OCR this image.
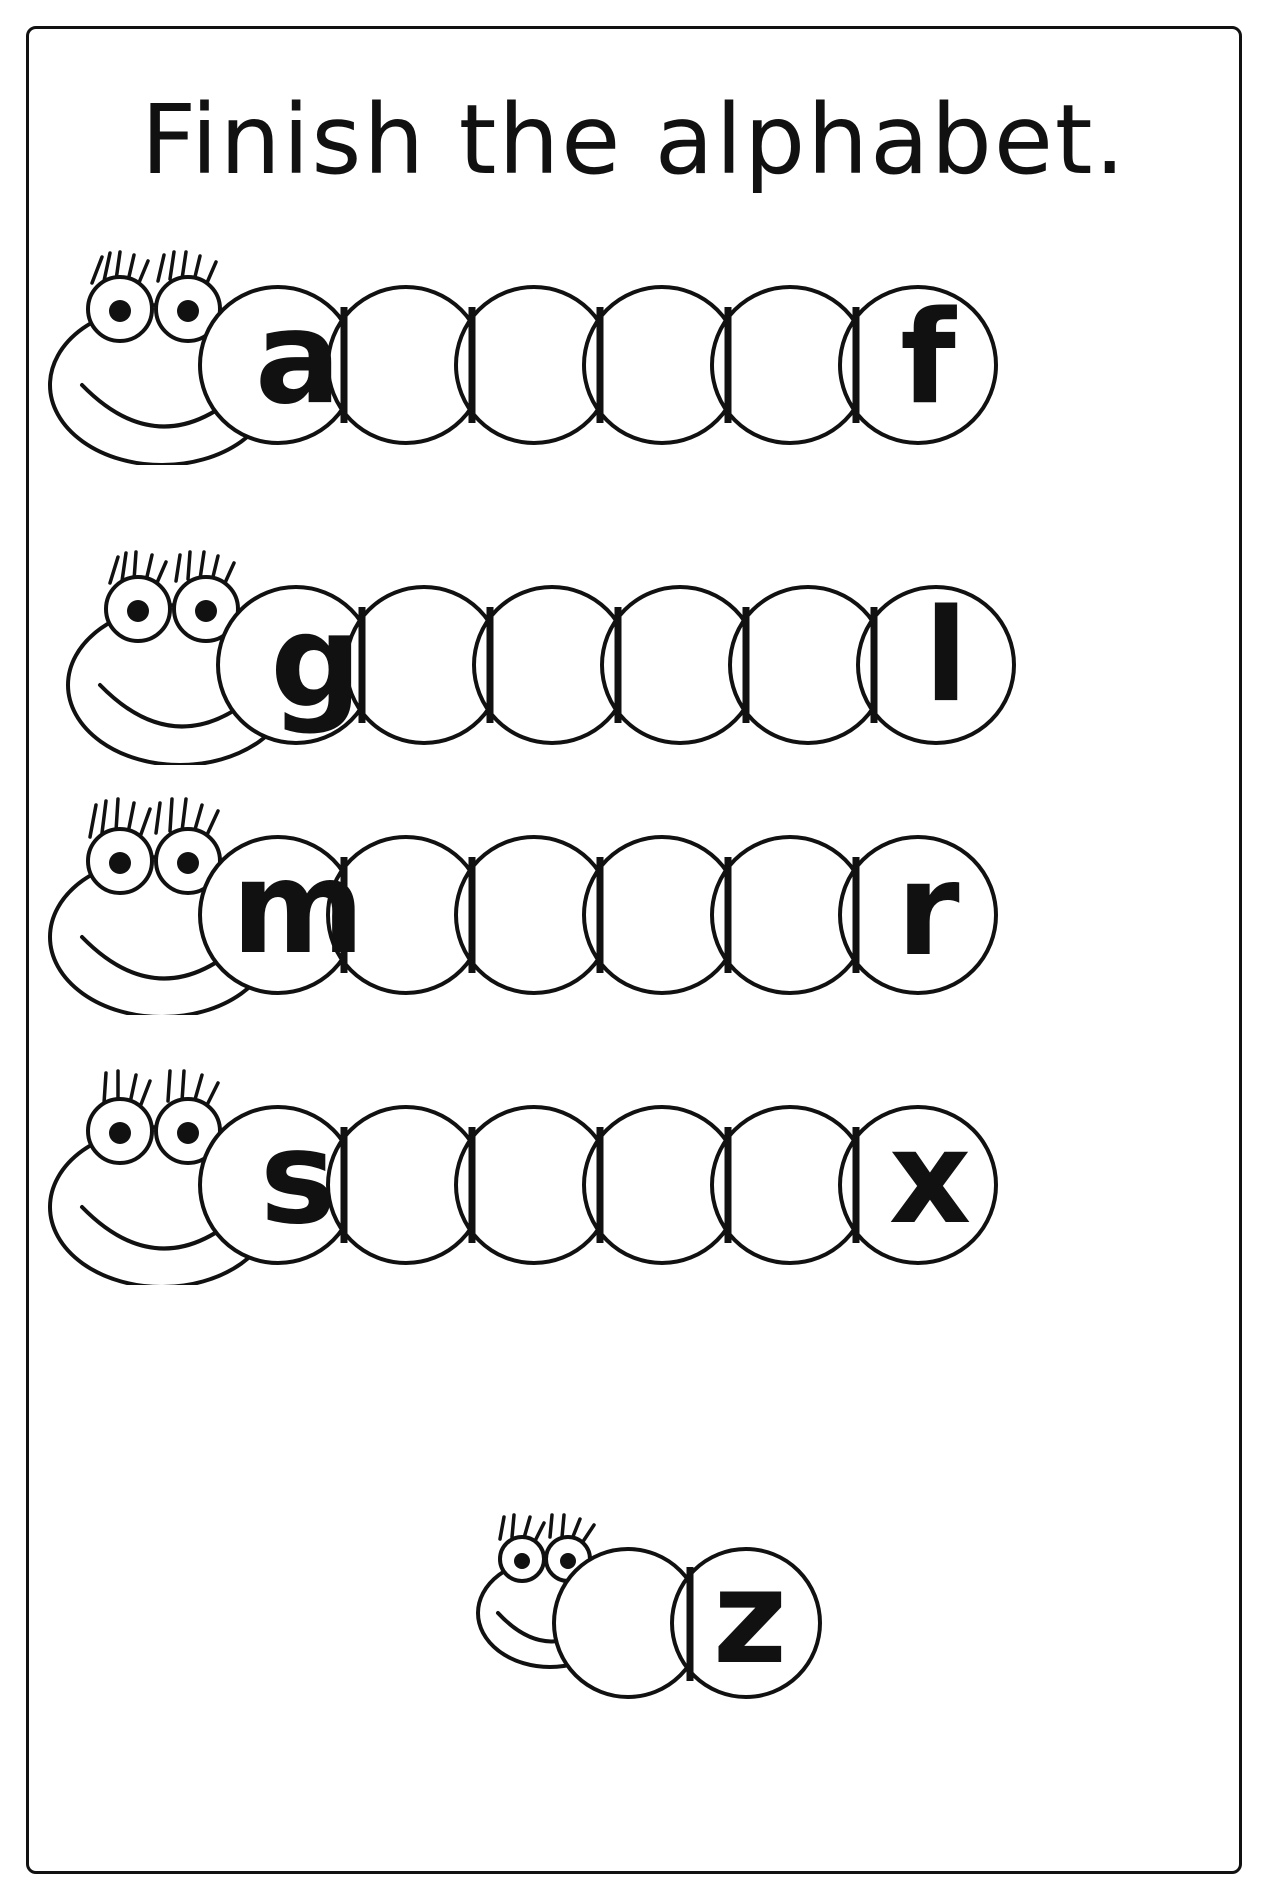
Finish the alphabet.
a	f
g	l
m	r
s	x
z
